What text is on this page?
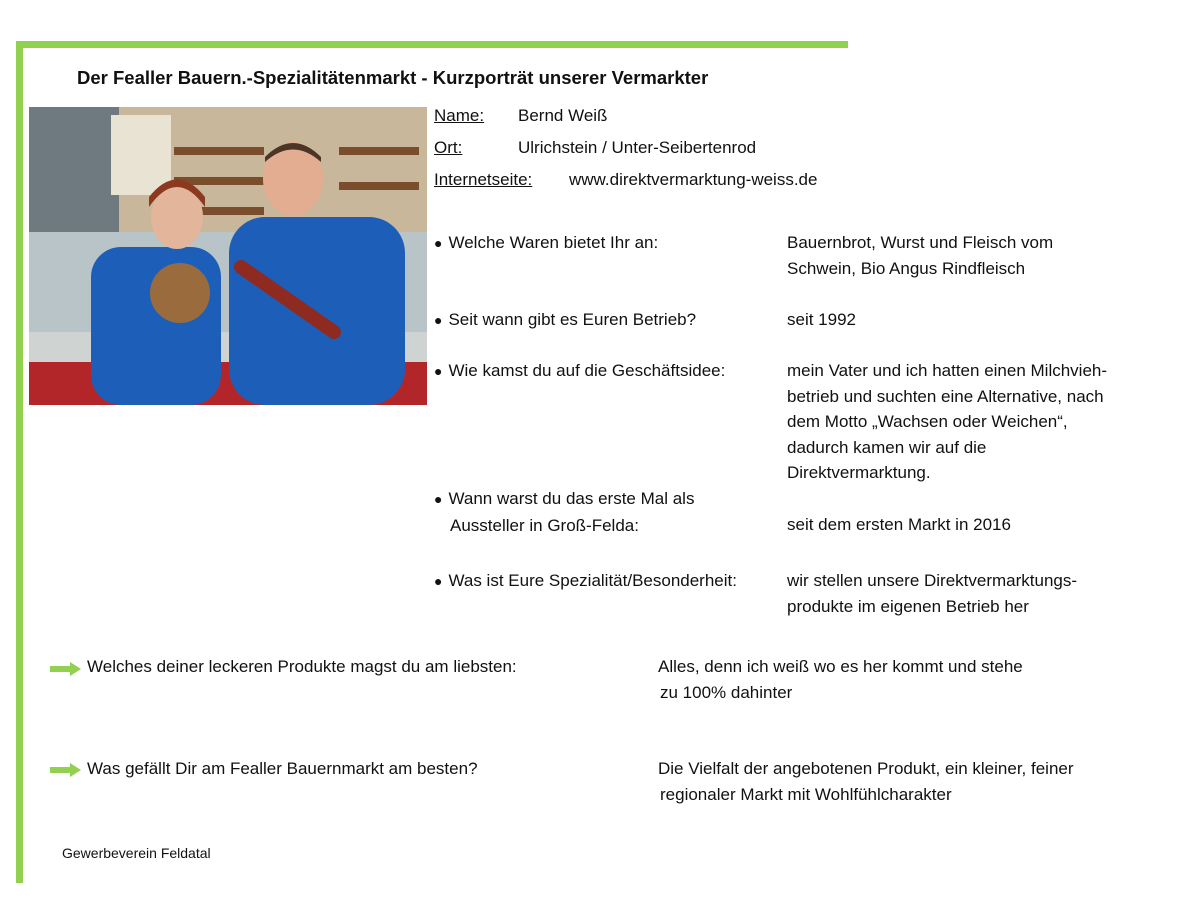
Der Fealler Bauern.-Spezialitätenmarkt - Kurzporträt unserer Vermarkter
Name: Bernd Weiß
Ort:	Ulrichstein / Unter-Seibertenrod
Internetseite: www.direktvermarktung-weiss.de
● Welche Waren bietet Ihr an:	Bauernbrot, Wurst und Fleisch vom
Schwein, Bio Angus Rindfleisch
● Seit wann gibt es Euren Betrieb?	seit 1992
● Wie kamst du auf die Geschäftsidee:	mein Vater und ich hatten einen Milchvieh-
betrieb und suchten eine Alternative, nach
dem Motto „Wachsen oder Weichen“,
dadurch kamen wir auf die
Direktvermarktung.
● Wann warst du das erste Mal als
Aussteller in Groß-Felda:	seit dem ersten Markt in 2016
● Was ist Eure Spezialität/Besonderheit:	wir stellen unsere Direktvermarktungs-
produkte im eigenen Betrieb her
Welches deiner leckeren Produkte magst du am liebsten:	Alles, denn ich weiß wo es her kommt und stehe
zu 100% dahinter
Was gefällt Dir am Fealler Bauernmarkt am besten?	Die Vielfalt der angebotenen Produkt, ein kleiner, feiner
regionaler Markt mit Wohlfühlcharakter
Gewerbeverein Feldatal
